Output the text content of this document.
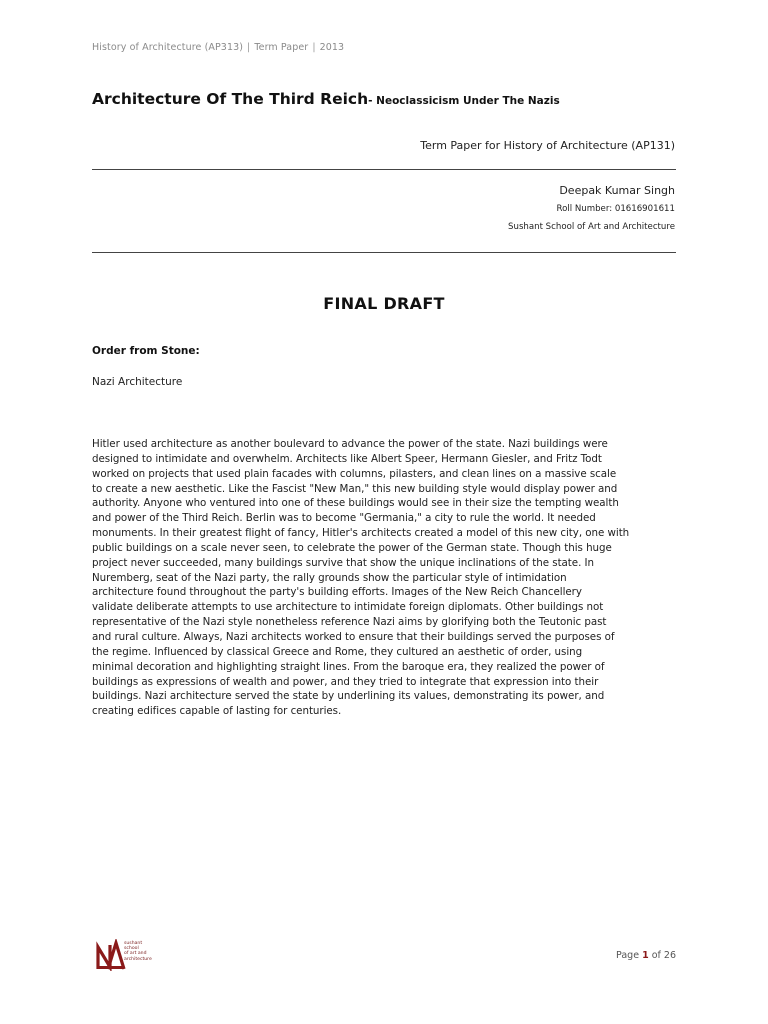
History of Architecture (AP313) | Term Paper | 2013
Architecture Of The Third Reich- Neoclassicism Under The Nazis
Term Paper for History of Architecture (AP131)
Deepak Kumar Singh
Roll Number: 01616901611
Sushant School of Art and Architecture
FINAL DRAFT
Order from Stone:
Nazi Architecture
Hitler used architecture as another boulevard to advance the power of the state. Nazi buildings were
designed to intimidate and overwhelm. Architects like Albert Speer, Hermann Giesler, and Fritz Todt
worked on projects that used plain facades with columns, pilasters, and clean lines on a massive scale
to create a new aesthetic. Like the Fascist "New Man," this new building style would display power and
authority. Anyone who ventured into one of these buildings would see in their size the tempting wealth
and power of the Third Reich. Berlin was to become "Germania," a city to rule the world. It needed
monuments. In their greatest flight of fancy, Hitler's architects created a model of this new city, one with
public buildings on a scale never seen, to celebrate the power of the German state. Though this huge
project never succeeded, many buildings survive that show the unique inclinations of the state. In
Nuremberg, seat of the Nazi party, the rally grounds show the particular style of intimidation
architecture found throughout the party's building efforts. Images of the New Reich Chancellery
validate deliberate attempts to use architecture to intimidate foreign diplomats. Other buildings not
representative of the Nazi style nonetheless reference Nazi aims by glorifying both the Teutonic past
and rural culture. Always, Nazi architects worked to ensure that their buildings served the purposes of
the regime. Influenced by classical Greece and Rome, they cultured an aesthetic of order, using
minimal decoration and highlighting straight lines. From the baroque era, they realized the power of
buildings as expressions of wealth and power, and they tried to integrate that expression into their
buildings. Nazi architecture served the state by underlining its values, demonstrating its power, and
creating edifices capable of lasting for centuries.
sushant
school
of art and
architecture	Page 1 of 26
